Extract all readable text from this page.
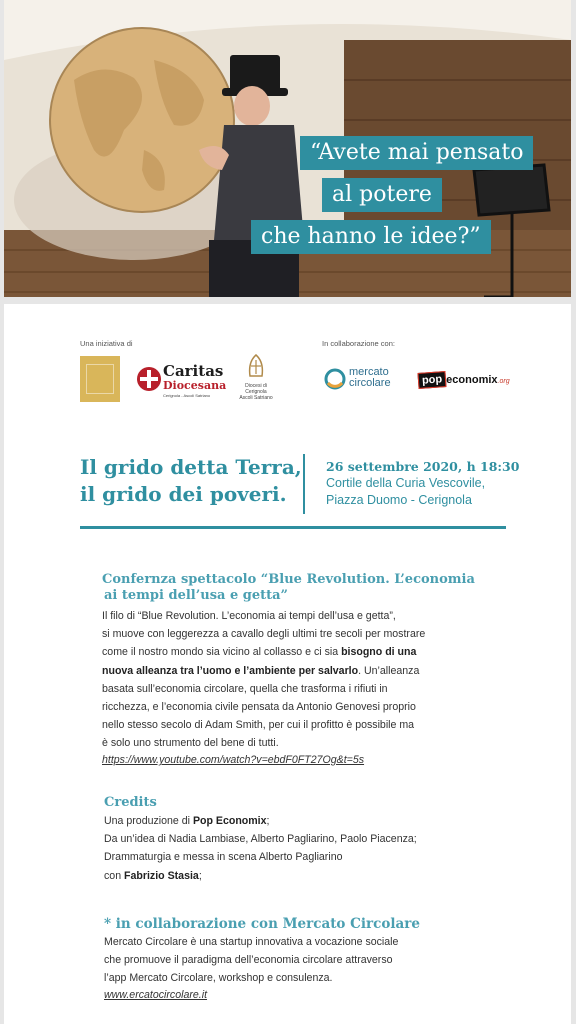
“Avete mai pensato
al potere
che hanno le idee?”
Una iniziativa di	In collaborazione con:
Caritas
Diocesana
Cerignola - Ascoli Satriano
Diocesi di
Cerignola
Ascoli Satriano
mercato
circolare	pop economix.org
Il grido detta Terra,
il grido dei poveri.
26 settembre 2020, h 18:30
Cortile della Curia Vescovile,
Piazza Duomo - Cerignola
Confernza spettacolo “Blue Revolution. L’economia
ai tempi dell’usa e getta”
Il filo di “Blue Revolution. L’economia ai tempi dell’usa e getta”,
si muove con leggerezza a cavallo degli ultimi tre secoli per mostrare
come il nostro mondo sia vicino al collasso e ci sia bisogno di una
nuova alleanza tra l’uomo e l’ambiente per salvarlo. Un’alleanza
basata sull’economia circolare, quella che trasforma i rifiuti in
ricchezza, e l’economia civile pensata da Antonio Genovesi proprio
nello stesso secolo di Adam Smith, per cui il profitto è possibile ma
è solo uno strumento del bene di tutti.
https://www.youtube.com/watch?v=ebdF0FT27Og&t=5s
Credits
Una produzione di Pop Economix;
Da un’idea di Nadia Lambiase, Alberto Pagliarino, Paolo Piacenza;
Drammaturgia e messa in scena Alberto Pagliarino
con Fabrizio Stasia;
* in collaborazione con Mercato Circolare
Mercato Circolare è una startup innovativa a vocazione sociale
che promuove il paradigma dell’economia circolare attraverso
l’app Mercato Circolare, workshop e consulenza.
www.ercatocircolare.it
